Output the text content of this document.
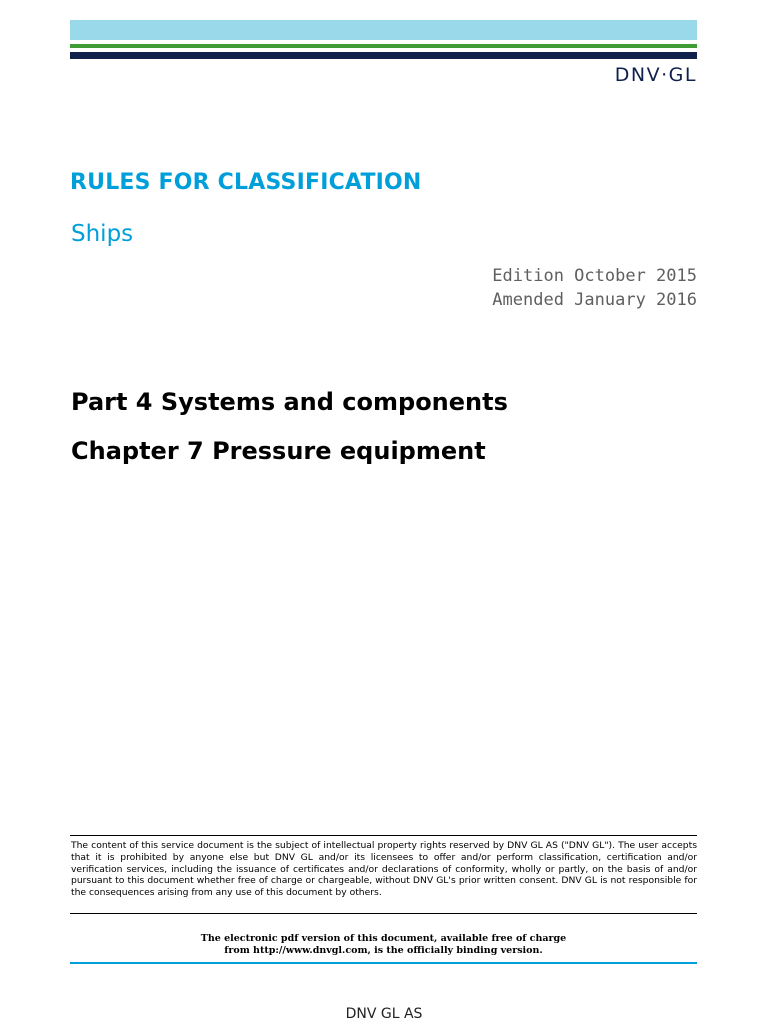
DNV·GL
RULES FOR CLASSIFICATION
Ships
Edition October 2015
Amended January 2016
Part 4 Systems and components
Chapter 7 Pressure equipment
The content of this service document is the subject of intellectual property rights reserved by DNV GL AS ("DNV GL"). The user accepts that it is prohibited by anyone else but DNV GL and/or its licensees to offer and/or perform classification, certification and/or verification services, including the issuance of certificates and/or declarations of conformity, wholly or partly, on the basis of and/or pursuant to this document whether free of charge or chargeable, without DNV GL's prior written consent. DNV GL is not responsible for the consequences arising from any use of this document by others.
The electronic pdf version of this document, available free of charge
from http://www.dnvgl.com, is the officially binding version.
DNV GL AS
